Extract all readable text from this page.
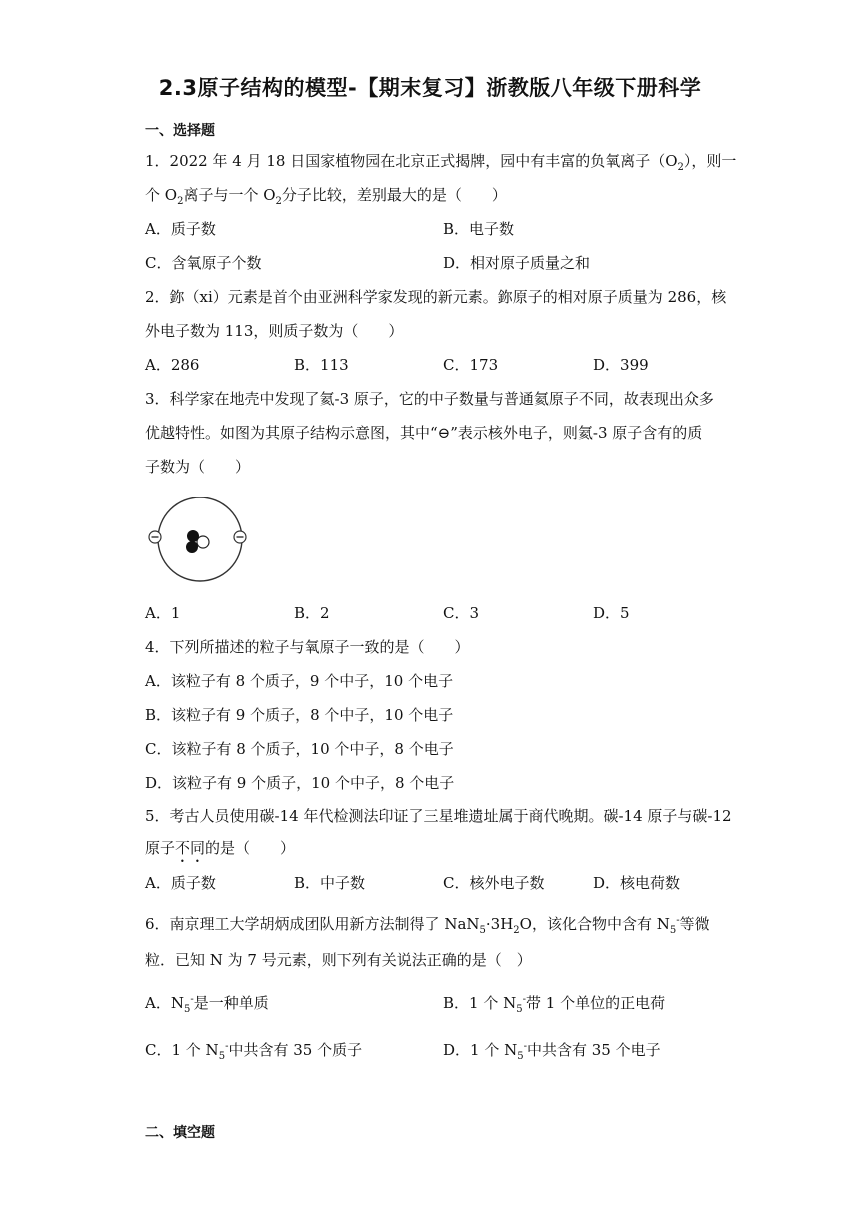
2.3原子结构的模型-【期末复习】浙教版八年级下册科学
一、选择题
1．2022 年 4 月 18 日国家植物园在北京正式揭牌，园中有丰富的负氧离子$(O_2)$，则一
个 $O_2$离子与一个 $O_2$分子比较，差别最大的是（　　）
A．质子数	B．电子数
C．含氧原子个数	D．相对原子质量之和
2．鉨（xi）元素是首个由亚洲科学家发现的新元素。鉨原子的相对原子质量为 286，核
外电子数为 113，则质子数为（　　）
A．286	B．113	C．173	D．399
3．科学家在地壳中发现了氦-3 原子，它的中子数量与普通氦原子不同，故表现出众多
优越特性。如图为其原子结构示意图，其中“⊖”表示核外电子，则氦-3 原子含有的质
子数为（　　）
A．1	B．2	C．3	D．5
4．下列所描述的粒子与氧原子一致的是（　　）
A．该粒子有 8 个质子，9 个中子，10 个电子
B．该粒子有 9 个质子，8 个中子，10 个电子
C．该粒子有 8 个质子，10 个中子，8 个电子
D．该粒子有 9 个质子，10 个中子，8 个电子
5．考古人员使用碳-14 年代检测法印证了三星堆遗址属于商代晚期。碳-14 原子与碳-12
原子不同的是（　　）
A．质子数	B．中子数	C．核外电子数	D．核电荷数
6．南京理工大学胡炳成团队用新方法制得了 $NaN_5\cdot 3H_2O$，该化合物中含有 $N_5^-$等微
粒．已知 N 为 7 号元素，则下列有关说法正确的是（　）
A．$N_5^-$是一种单质	B．1 个 $N_5^-$带 1 个单位的正电荷
C．1 个 $N_5^-$中共含有 35 个质子	D．1 个 $N_5^-$中共含有 35 个电子
二、填空题
